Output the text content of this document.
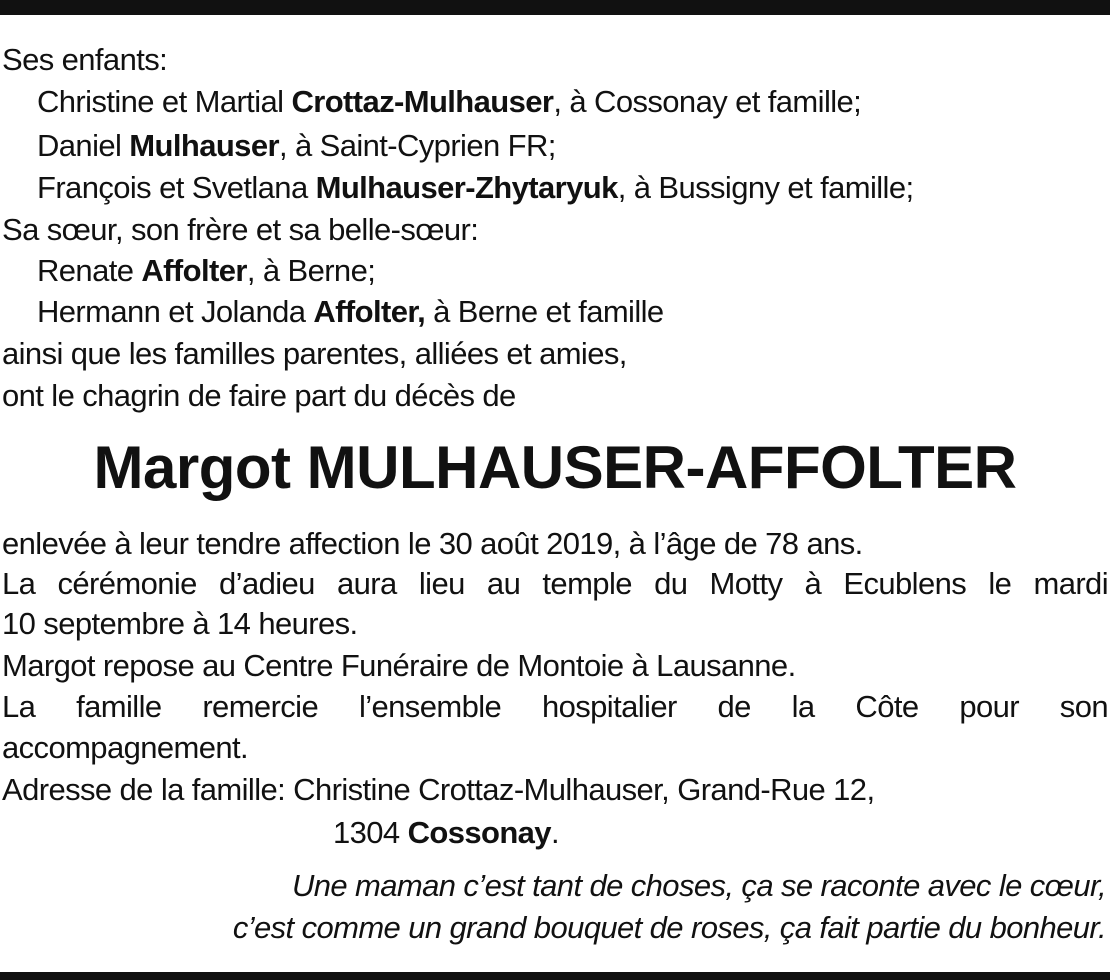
Ses enfants:
Christine et Martial Crottaz-Mulhauser, à Cossonay et famille;
Daniel Mulhauser, à Saint-Cyprien FR;
François et Svetlana Mulhauser-Zhytaryuk, à Bussigny et famille;
Sa sœur, son frère et sa belle-sœur:
Renate Affolter, à Berne;
Hermann et Jolanda Affolter, à Berne et famille
ainsi que les familles parentes, alliées et amies,
ont le chagrin de faire part du décès de
Margot MULHAUSER-AFFOLTER
enlevée à leur tendre affection le 30 août 2019, à l’âge de 78 ans.
La cérémonie d’adieu aura lieu au temple du Motty à Ecublens le mardi
10 septembre à 14 heures.
Margot repose au Centre Funéraire de Montoie à Lausanne.
La famille remercie l’ensemble hospitalier de la Côte pour son
accompagnement.
Adresse de la famille: Christine Crottaz-Mulhauser, Grand-Rue 12,
1304 Cossonay.
Une maman c’est tant de choses, ça se raconte avec le cœur,
c’est comme un grand bouquet de roses, ça fait partie du bonheur.
